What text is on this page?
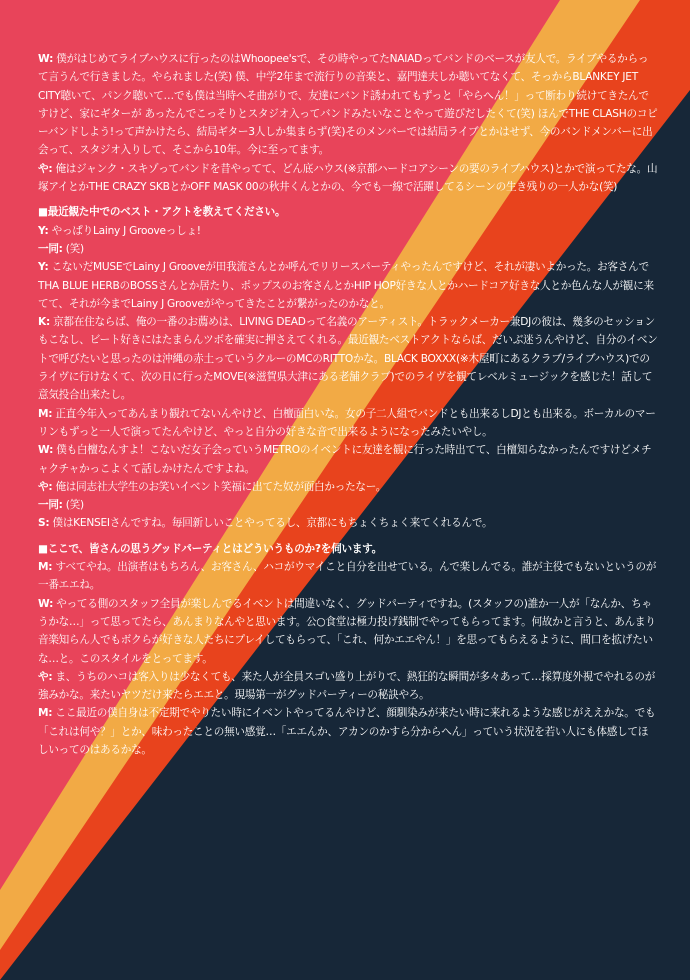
W: 僕がはじめてライブハウスに行ったのはWhoopee'sで、その時やってたNAIADってバンドのベースが友人で。ライブやるからって言うんで行きました。やられました(笑) 僕、中学2年まで流行りの音楽と、嘉門達夫しか聴いてなくて、そっからBLANKEY JET CITY聴いて、パンク聴いて…でも僕は当時へそ曲がりで、友達にバンド誘われてもずっと「やらへん！」って断わり続けてきたんですけど、家にギターが あったんでこっそりとスタジオ入ってバンドみたいなことやって遊びだしたくて(笑) ほんでTHE CLASHのコピーバンドしよう!って声かけたら、結局ギター3人しか集まらず(笑)そのメンバーでは結局ライブとかはせず、今のバンドメンバーに出会って、スタジオ入りして、そこから10年。今に至ってます。

や: 俺はジャンク・スキゾってバンドを昔やってて、どん底ハウス(※京都ハードコアシーンの要のライブハウス)とかで演ってたな。山塚アイとかTHE CRAZY SKBとかOFF MASK 00の秋井くんとかの、今でも一線で活躍してるシーンの生き残りの一人かな(笑)

■最近観た中でのベスト・アクトを教えてください。

Y: やっぱりLainy J Grooveっしょ!

一同: (笑)

Y: こないだMUSEでLainy J Grooveが田我流さんとか呼んでリリースパーティやったんですけど、それが凄いよかった。お客さんでTHA BLUE HERBのBOSSさんとか居たり、ポップスのお客さんとかHIP HOP好きな人とかハードコア好きな人とか色んな人が観に来てて、それが今までLainy J Grooveがやってきたことが繋がったのかなと。

K: 京都在住ならば、俺の一番のお薦めは、LIVING DEADって名義のアーティスト。トラックメーカー兼DJの彼は、幾多のセッションもこなし、ビート好きにはたまらんツボを確実に押さえてくれる。最近観たベストアクトならば、だいぶ迷うんやけど、自分のイベントで呼びたいと思ったのは沖縄の赤土っていうクルーのMCのRITTOかな。BLACK BOXXX(※木屋町にあるクラブ/ライブハウス)でのライヴに行けなくて、次の日に行ったMOVE(※滋賀県大津にある老舗クラブ)でのライヴを観てレベルミュージックを感じた！話して意気投合出来たし。

M: 正直今年入ってあんまり観れてないんやけど、白檀面白いな。女の子二人組でバンドとも出来るしDJとも出来る。ボーカルのマーリンもずっと一人で演ってたんやけど、やっと自分の好きな音で出来るようになったみたいやし。

W: 僕も白檀なんすよ！こないだ女子会っていうMETROのイベントに友達を観に行った時出てて、白檀知らなかったんですけどメチャクチャかっこよくて話しかけたんですよね。

や: 俺は同志社大学生のお笑いイベント笑福に出てた奴が面白かったなー。

一同: (笑)

S: 僕はKENSEIさんですね。毎回新しいことやってるし、京都にもちょくちょく来てくれるんで。

■ここで、皆さんの思うグッドパーティとはどういうものか?を伺います。

M: すべてやね。出演者はもちろん、お客さん、ハコがウマイこと自分を出せている。んで楽しんでる。誰が主役でもないというのが一番エエね。

W: やってる側のスタッフ全員が楽しんでるイベントは間違いなく、グッドパーティですね。(スタッフの)誰か一人が「なんか、ちゃうかな…」って思ってたら、あんまりなんやと思います。公○食堂は極力投げ銭制でやってもらってます。何故かと言うと、あんまり音楽知らん人でもボクらが好きな人たちにプレイしてもらって、「これ、何かエエやん！」を思ってもらえるように、間口を拡げたいな…と。このスタイルをとってます。

や: ま、うちのハコは客入りは少なくても、来た人が全員スゴい盛り上がりで、熱狂的な瞬間が多々あって…採算度外視でやれるのが強みかな。来たいヤツだけ来たらエエと。現場第一がグッドパーティーの秘訣やろ。

M: ここ最近の僕自身は不定期でやりたい時にイベントやってるんやけど、顔馴染みが来たい時に来れるような感じがええかな。でも「これは何や？」とか、味わったことの無い感覚…「エエんか、アカンのかすら分からへん」っていう状況を若い人にも体感してほしいってのはあるかな。
